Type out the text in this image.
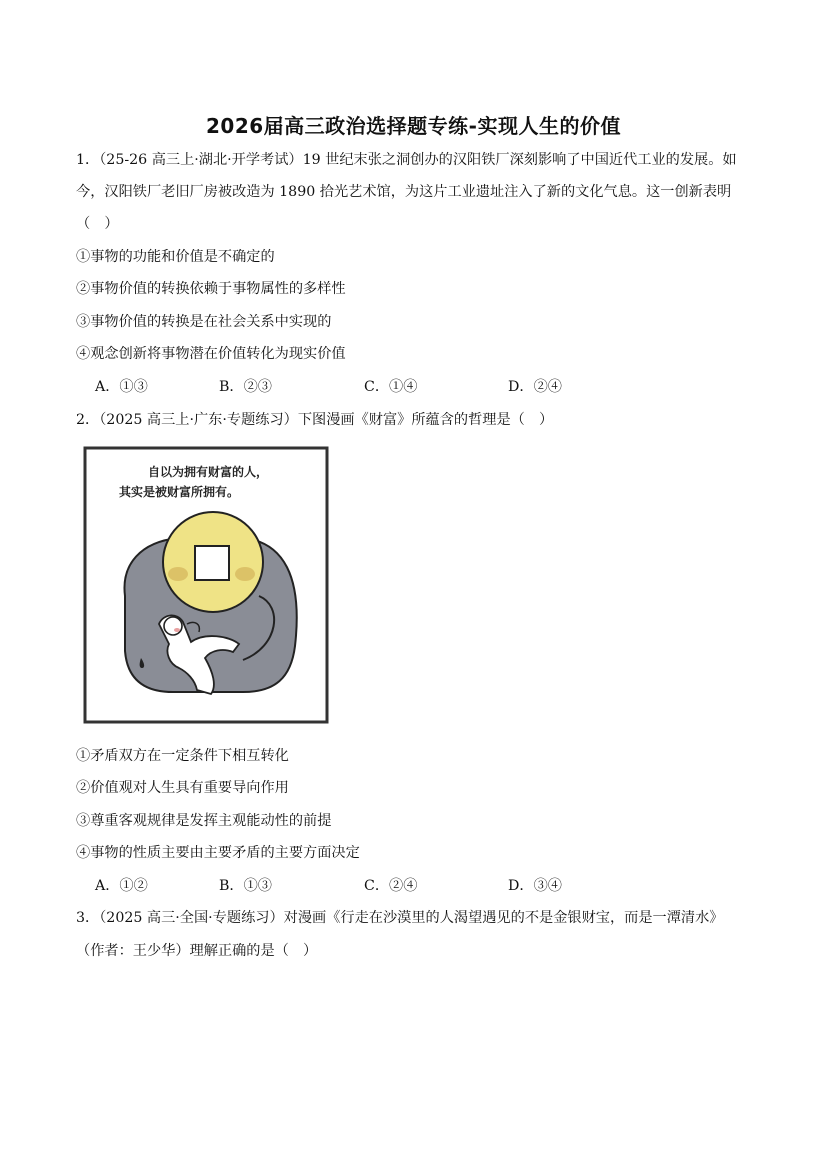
2026届高三政治选择题专练-实现人生的价值
1．（25-26 高三上·湖北·开学考试）19 世纪末张之洞创办的汉阳铁厂深刻影响了中国近代工业的发展。如
今，汉阳铁厂老旧厂房被改造为 1890 拾光艺术馆，为这片工业遗址注入了新的文化气息。这一创新表明
（　）
①事物的功能和价值是不确定的
②事物价值的转换依赖于事物属性的多样性
③事物价值的转换是在社会关系中实现的
④观念创新将事物潜在价值转化为现实价值
A．①③	B．②③	C．①④	D．②④
2．（2025 高三上·广东·专题练习）下图漫画《财富》所蕴含的哲理是（　）
自以为拥有财富的人，
其实是被财富所拥有。
①矛盾双方在一定条件下相互转化
②价值观对人生具有重要导向作用
③尊重客观规律是发挥主观能动性的前提
④事物的性质主要由主要矛盾的主要方面决定
A．①②	B．①③	C．②④	D．③④
3．（2025 高三·全国·专题练习）对漫画《行走在沙漠里的人渴望遇见的不是金银财宝，而是一潭清水》
（作者：王少华）理解正确的是（　）
